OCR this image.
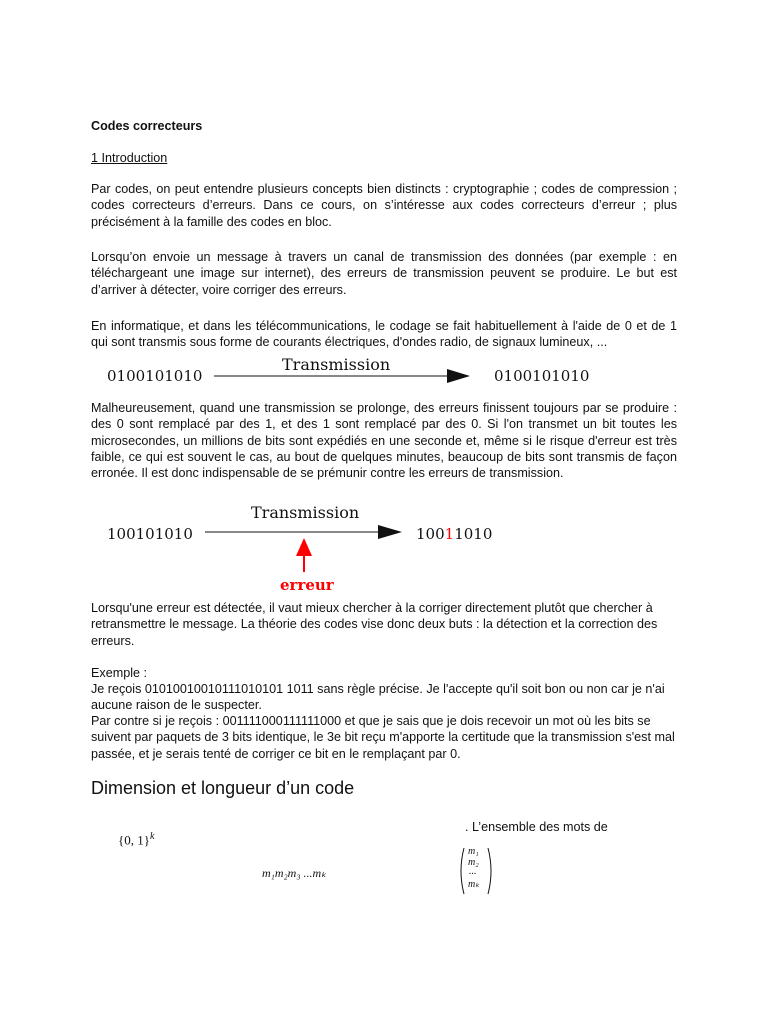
Codes correcteurs
1 Introduction
Par codes, on peut entendre plusieurs concepts bien distincts : cryptographie ; codes de compression ; codes correcteurs d’erreurs. Dans ce cours, on s’intéresse aux codes correcteurs d’erreur ; plus précisément à la famille des codes en bloc.
Lorsqu’on envoie un message à travers un canal de transmission des données (par exemple : en téléchargeant une image sur internet), des erreurs de transmission peuvent se produire. Le but est d’arriver à détecter, voire corriger des erreurs.
En informatique, et dans les télécommunications, le codage se fait habituellement à l'aide de 0 et de 1 qui sont transmis sous forme de courants électriques, d'ondes radio, de signaux lumineux, ...
0100101010
Transmission
0100101010
Malheureusement, quand une transmission se prolonge, des erreurs finissent toujours par se produire : des 0 sont remplacé par des 1, et des 1 sont remplacé par des 0. Si l'on transmet un bit toutes les microsecondes, un millions de bits sont expédiés en une seconde et, même si le risque d'erreur est très faible, ce qui est souvent le cas, au bout de quelques minutes, beaucoup de bits sont transmis de façon erronée. Il est donc indispensable de se prémunir contre les erreurs de transmission.
100101010
Transmission
10011010
erreur
Lorsqu'une erreur est détectée, il vaut mieux chercher à la corriger directement plutôt que chercher à retransmettre le message. La théorie des codes vise donc deux buts : la détection et la correction des erreurs.
Exemple :
Je reçois 01010010010111010101 1011 sans règle précise. Je l'accepte qu'il soit bon ou non car je n'ai aucune raison de le suspecter.
Par contre si je reçois : 001111000111111000 et que je sais que je dois recevoir un mot où les bits se suivent par paquets de 3 bits identique, le 3e bit reçu m'apporte la certitude que la transmission s'est mal passée, et je serais tenté de corriger ce bit en le remplaçant par 0.
Dimension et longueur d’un code
. L’ensemble des mots de
{0, 1}$^k$
m₁m₂m₃ ...mₖ
m₁
m₂
...
mₖ
